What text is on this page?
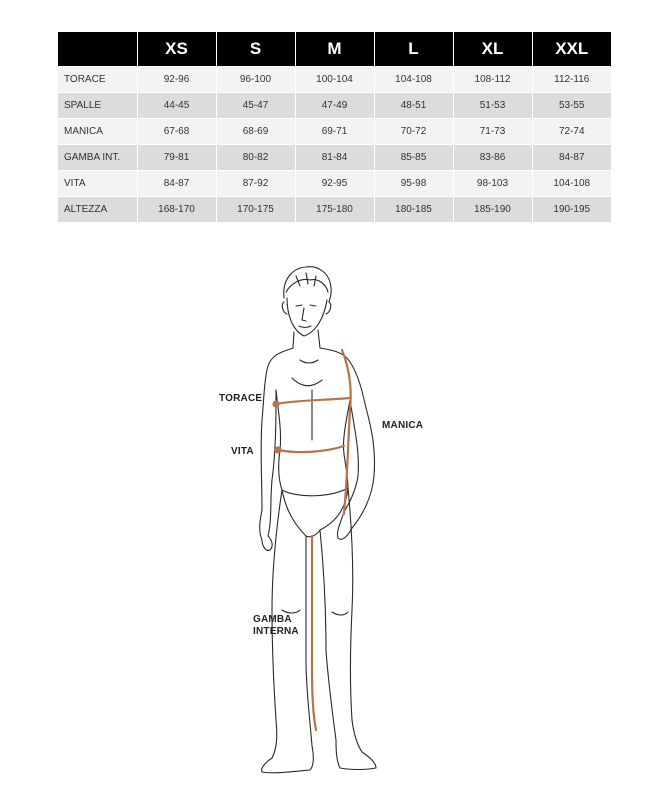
	XS	S	M	L	XL	XXL
TORACE	92-96	96-100	100-104	104-108	108-112	112-116
SPALLE	44-45	45-47	47-49	48-51	51-53	53-55
MANICA	67-68	68-69	69-71	70-72	71-73	72-74
GAMBA INT.	79-81	80-82	81-84	85-85	83-86	84-87
VITA	84-87	87-92	92-95	95-98	98-103	104-108
ALTEZZA	168-170	170-175	175-180	180-185	185-190	190-195
TORACE
VITA
MANICA
GAMBA
INTERNA
